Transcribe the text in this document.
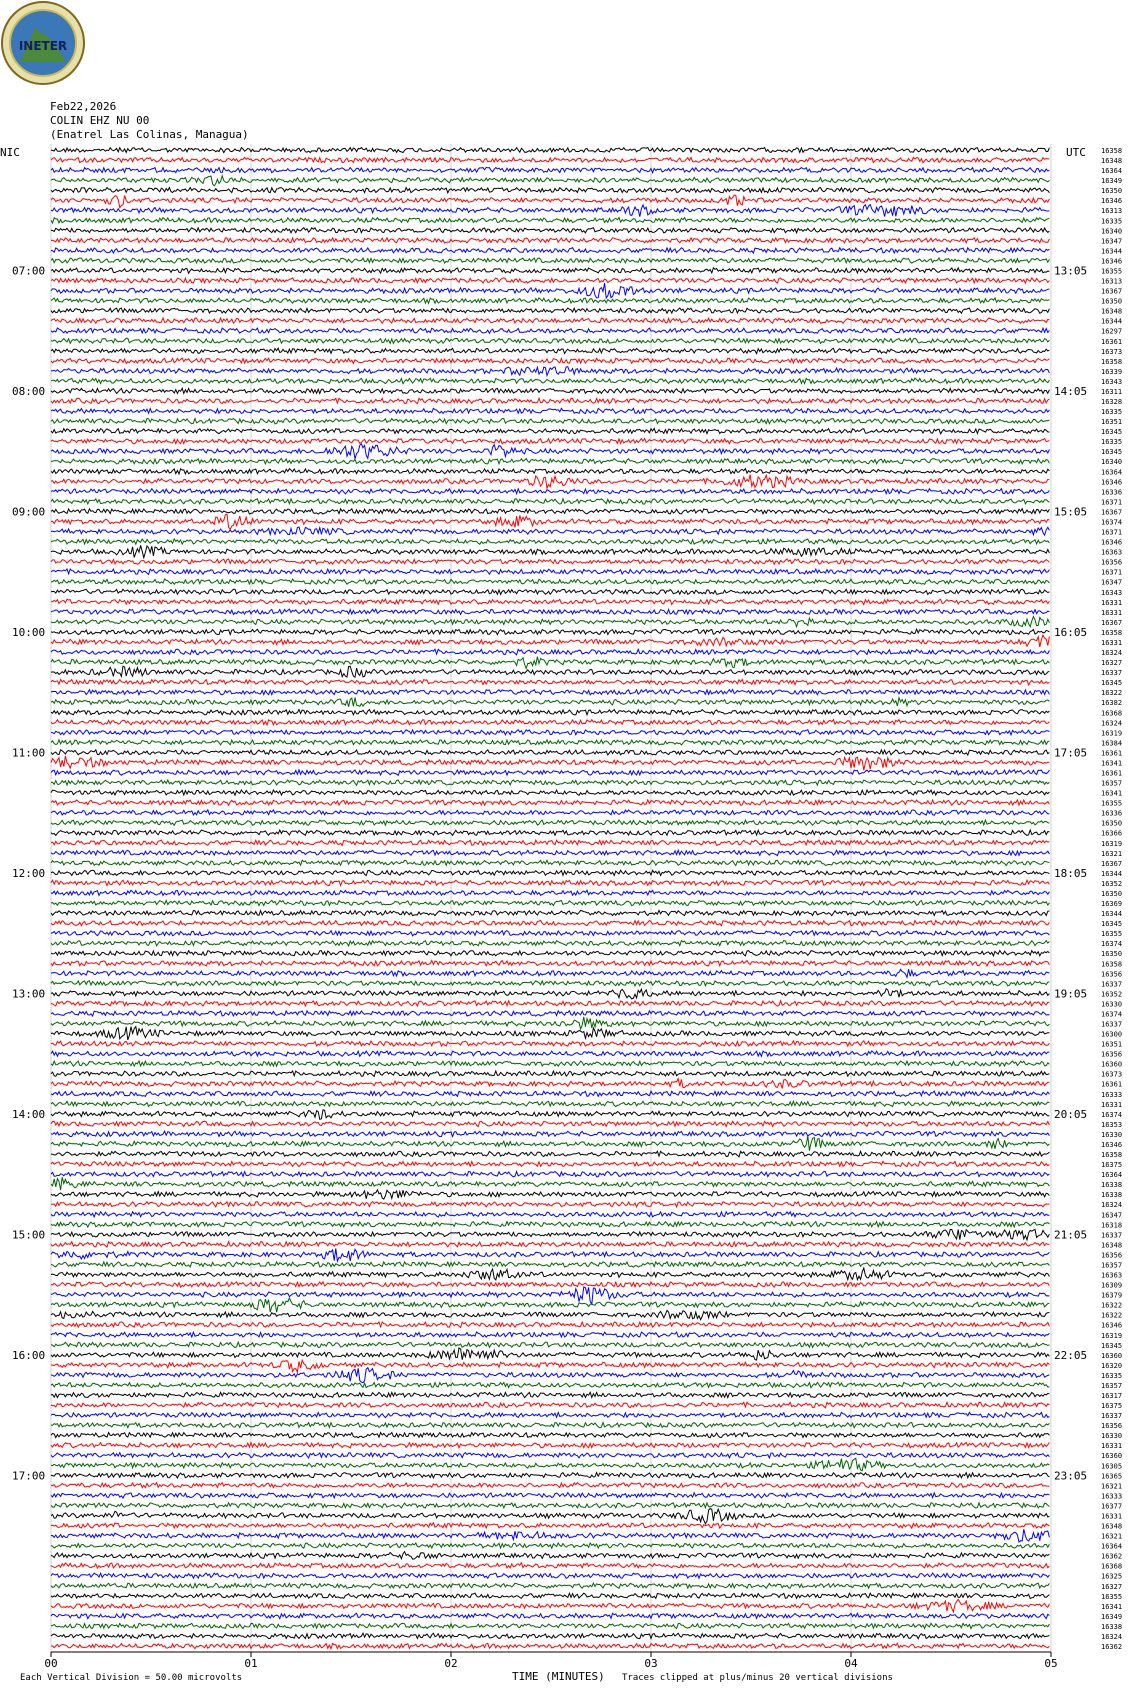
INETER
Feb22,2026
COLIN EHZ NU 00
(Enatrel Las Colinas, Managua)
NIC	UTC 16358
16348
16364
16349
16350
16346
16313
16335
16340
16347
16344
16346
16355
16313
16367
16350
16348
16344
16297
16361
16373
16358
16339
16343
16311
16328
16335
16351
16345
16335
16345
16340
16364
16346
16336
16371
16367
16374
16371
16346
16363
16356
16371
16347
16343
16331
16331
16367
16358
16331
16324
16327
16337
16345
16322
16382
16368
16324
16319
16384
16361
16341
16361
16357
16341
16355
16336
16350
16366
16319
16321
16367
16344
16352
16350
16369
16344
16345
16355
16374
16350
16358
16356
16337
16352
16330
16374
16337
16300
16351
16356
16360
16373
16361
16333
16331
16374
16353
16330
16346
16358
16375
16364
16338
16338
16324
16347
16318
16337
16348
16356
16357
16363
16309
16379
16322
16322
16346
16319
16345
16360
16320
16335
16357
16317
16375
16337
16356
16330
16331
16360
16305
16365
16321
16333
16377
16331
16348
16321
16364
16362
16368
16325
16327
16355
16341
16349
16338
16324
16362
07:00
08:00
09:00
10:00
11:00
12:00
13:00
14:00
15:00
16:00
17:00
13:05
14:05
15:05
16:05
17:05
18:05
19:05
20:05
21:05
22:05
23:05
00	01	02	03	04	05
Each Vertical Division = 50.00 microvolts	TIME (MINUTES) Traces clipped at plus/minus 20 vertical divisions
